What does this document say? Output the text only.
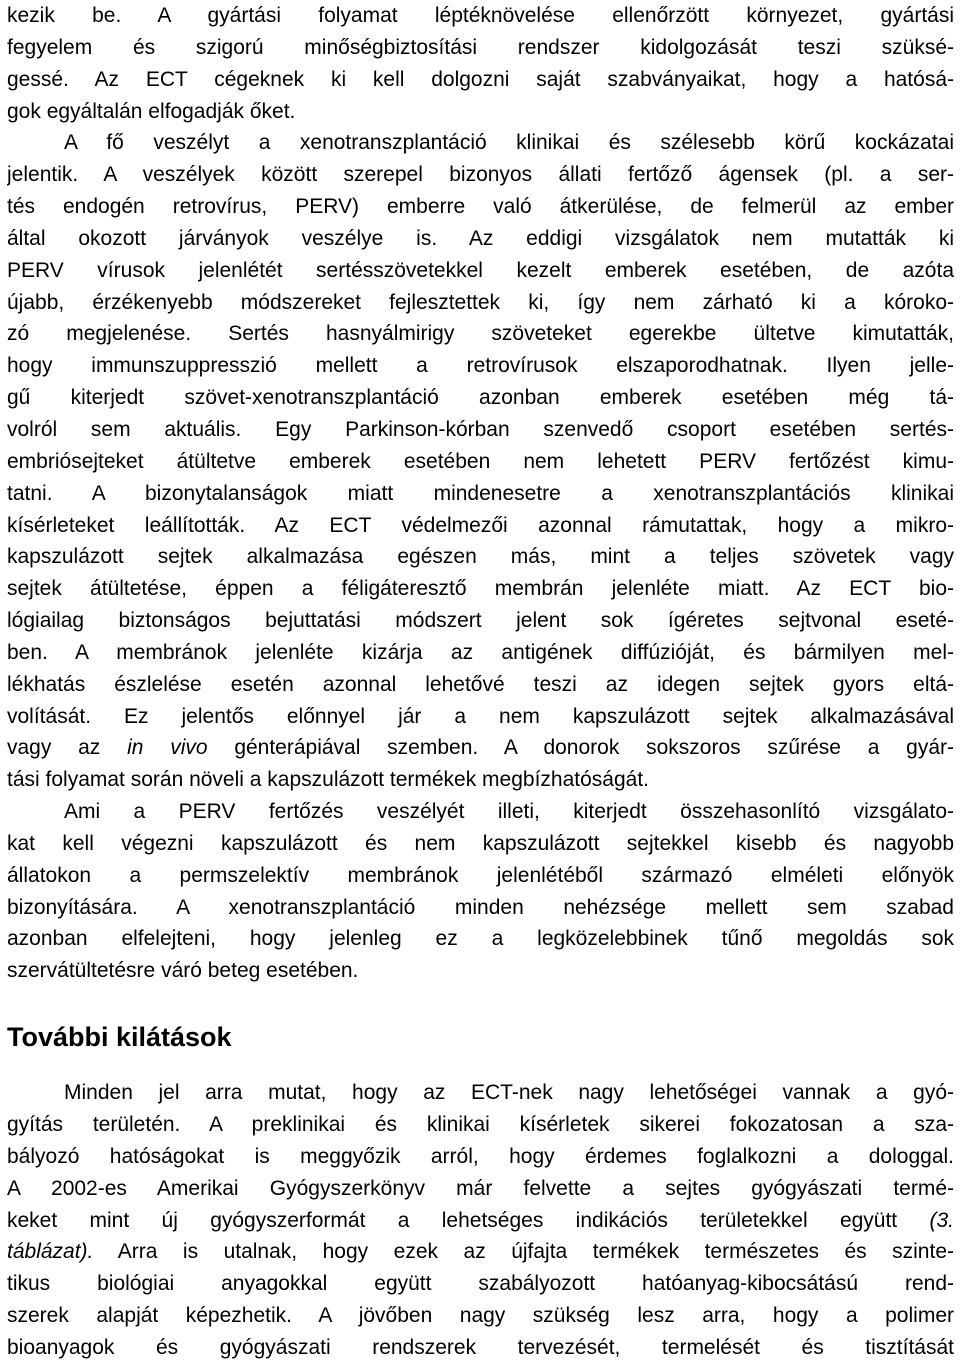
kezik be. A gyártási folyamat léptéknövelése ellenőrzött környezet, gyártási
fegyelem és szigorú minőségbiztosítási rendszer kidolgozását teszi szüksé-
gessé. Az ECT cégeknek ki kell dolgozni saját szabványaikat, hogy a hatósá-
gok egyáltalán elfogadják őket.
A fő veszélyt a xenotranszplantáció klinikai és szélesebb körű kockázatai
jelentik. A veszélyek között szerepel bizonyos állati fertőző ágensek (pl. a ser-
tés endogén retrovírus, PERV) emberre való átkerülése, de felmerül az ember
által okozott járványok veszélye is. Az eddigi vizsgálatok nem mutatták ki
PERV vírusok jelenlétét sertésszövetekkel kezelt emberek esetében, de azóta
újabb, érzékenyebb módszereket fejlesztettek ki, így nem zárható ki a kóroko-
zó megjelenése. Sertés hasnyálmirigy szöveteket egerekbe ültetve kimutatták,
hogy immunszuppresszió mellett a retrovírusok elszaporodhatnak. Ilyen jelle-
gű kiterjedt szövet-xenotranszplantáció azonban emberek esetében még tá-
volról sem aktuális. Egy Parkinson-kórban szenvedő csoport esetében sertés-
embriósejteket átültetve emberek esetében nem lehetett PERV fertőzést kimu-
tatni. A bizonytalanságok miatt mindenesetre a xenotranszplantációs klinikai
kísérleteket leállították. Az ECT védelmezői azonnal rámutattak, hogy a mikro-
kapszulázott sejtek alkalmazása egészen más, mint a teljes szövetek vagy
sejtek átültetése, éppen a féligáteresztő membrán jelenléte miatt. Az ECT bio-
lógiailag biztonságos bejuttatási módszert jelent sok ígéretes sejtvonal eseté-
ben. A membránok jelenléte kizárja az antigének diffúzióját, és bármilyen mel-
lékhatás észlelése esetén azonnal lehetővé teszi az idegen sejtek gyors eltá-
volítását. Ez jelentős előnnyel jár a nem kapszulázott sejtek alkalmazásával
vagy az in vivo génterápiával szemben. A donorok sokszoros szűrése a gyár-
tási folyamat során növeli a kapszulázott termékek megbízhatóságát.
Ami a PERV fertőzés veszélyét illeti, kiterjedt összehasonlító vizsgálato-
kat kell végezni kapszulázott és nem kapszulázott sejtekkel kisebb és nagyobb
állatokon a permszelektív membránok jelenlétéből származó elméleti előnyök
bizonyítására. A xenotranszplantáció minden nehézsége mellett sem szabad
azonban elfelejteni, hogy jelenleg ez a legközelebbinek tűnő megoldás sok
szervátültetésre váró beteg esetében.
További kilátások
Minden jel arra mutat, hogy az ECT-nek nagy lehetőségei vannak a gyó-
gyítás területén. A preklinikai és klinikai kísérletek sikerei fokozatosan a sza-
bályozó hatóságokat is meggyőzik arról, hogy érdemes foglalkozni a dologgal.
A 2002-es Amerikai Gyógyszerkönyv már felvette a sejtes gyógyászati termé-
keket mint új gyógyszerformát a lehetséges indikációs területekkel együtt (3.
táblázat). Arra is utalnak, hogy ezek az újfajta termékek természetes és szinte-
tikus biológiai anyagokkal együtt szabályozott hatóanyag-kibocsátású rend-
szerek alapját képezhetik. A jövőben nagy szükség lesz arra, hogy a polimer
bioanyagok és gyógyászati rendszerek tervezését, termelését és tisztítását
